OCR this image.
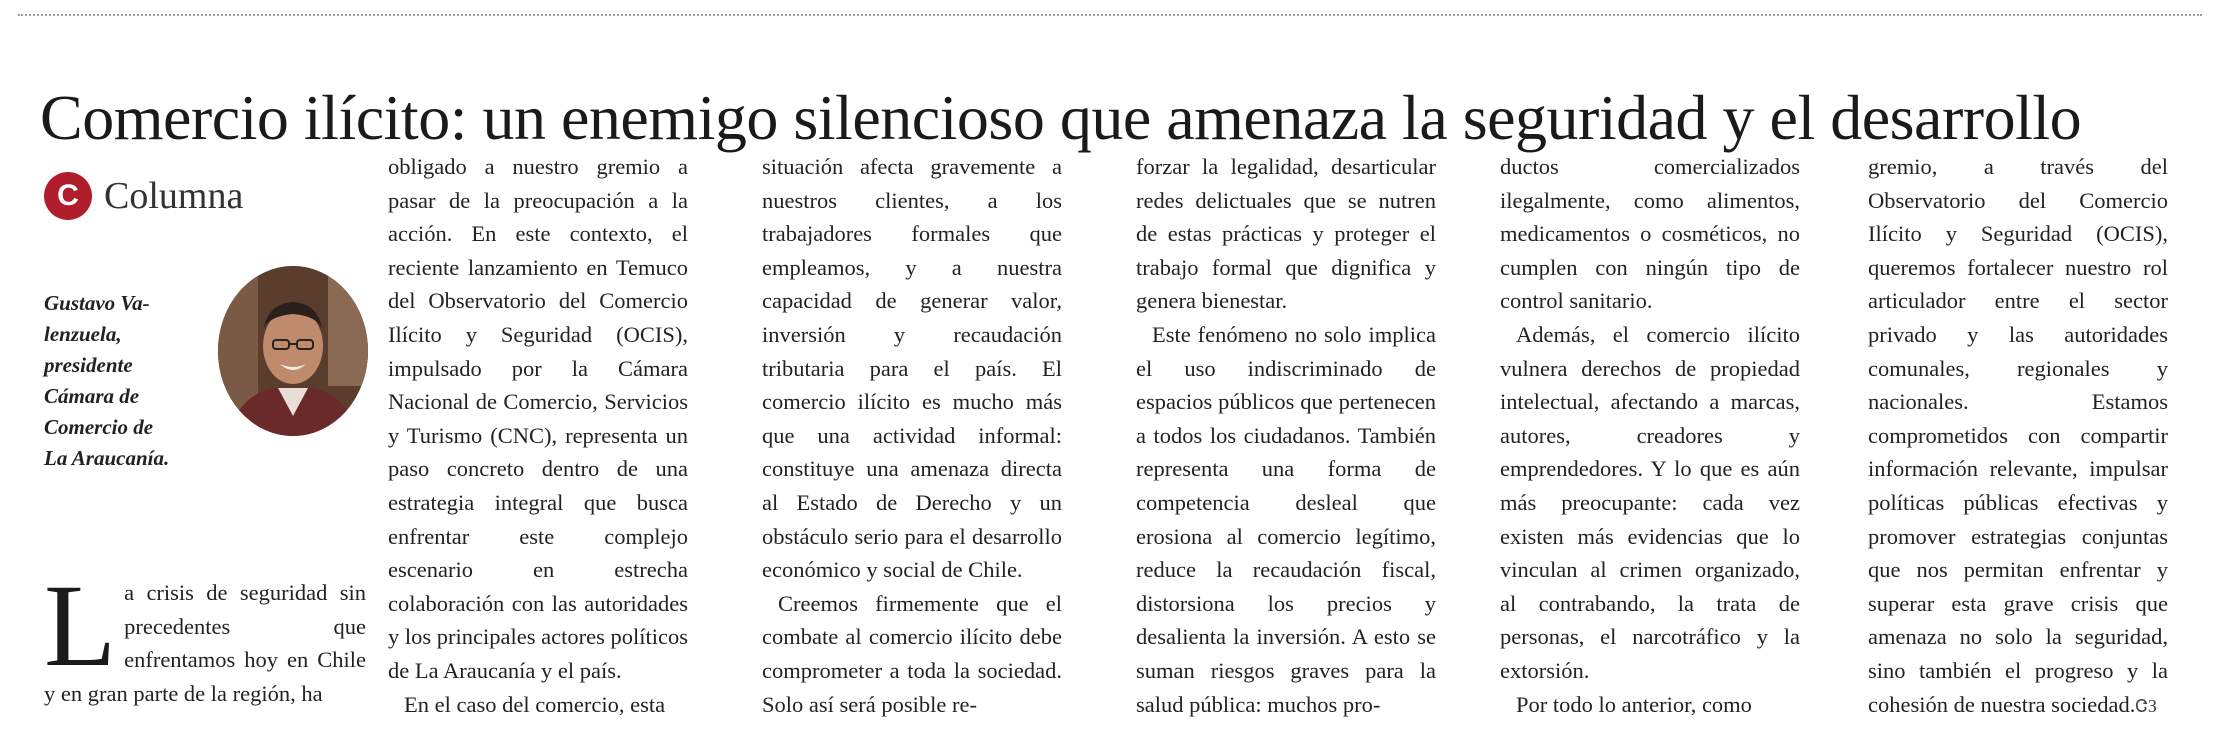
Comercio ilícito: un enemigo silencioso que amenaza la seguridad y el desarrollo
C Columna
Gustavo Va-
lenzuela,
presidente
Cámara de
Comercio de
La Araucanía.
La crisis de seguridad sin precedentes que enfrentamos hoy en Chile y en gran parte de la región, ha

obligado a nuestro gremio a pasar de la preocupación a la acción. En este contexto, el reciente lanzamiento en Temuco del Observatorio del Comercio Ilícito y Seguridad (OCIS), impulsado por la Cámara Nacional de Comercio, Servicios y Turismo (CNC), representa un paso concreto dentro de una estrategia integral que busca enfrentar este complejo escenario en estrecha colaboración con las autoridades y los principales actores políticos de La Araucanía y el país.

En el caso del comercio, esta

situación afecta gravemente a nuestros clientes, a los trabajadores formales que empleamos, y a nuestra capacidad de generar valor, inversión y recaudación tributaria para el país. El comercio ilícito es mucho más que una actividad informal: constituye una amenaza directa al Estado de Derecho y un obstáculo serio para el desarrollo económico y social de Chile.

Creemos firmemente que el combate al comercio ilícito debe comprometer a toda la sociedad. Solo así será posible re-

forzar la legalidad, desarticular redes delictuales que se nutren de estas prácticas y proteger el trabajo formal que dignifica y genera bienestar.

Este fenómeno no solo implica el uso indiscriminado de espacios públicos que pertenecen a todos los ciudadanos. También representa una forma de competencia desleal que erosiona al comercio legítimo, reduce la recaudación fiscal, distorsiona los precios y desalienta la inversión. A esto se suman riesgos graves para la salud pública: muchos pro-

ductos comercializados ilegalmente, como alimentos, medicamentos o cosméticos, no cumplen con ningún tipo de control sanitario.

Además, el comercio ilícito vulnera derechos de propiedad intelectual, afectando a marcas, autores, creadores y emprendedores. Y lo que es aún más preocupante: cada vez existen más evidencias que lo vinculan al crimen organizado, al contrabando, la trata de personas, el narcotráfico y la extorsión.

Por todo lo anterior, como

gremio, a través del Observatorio del Comercio Ilícito y Seguridad (OCIS), queremos fortalecer nuestro rol articulador entre el sector privado y las autoridades comunales, regionales y nacionales. Estamos comprometidos con compartir información relevante, impulsar políticas públicas efectivas y promover estrategias conjuntas que nos permitan enfrentar y superar esta grave crisis que amenaza no solo la seguridad, sino también el progreso y la cohesión de nuestra sociedad.ᏣЗ
